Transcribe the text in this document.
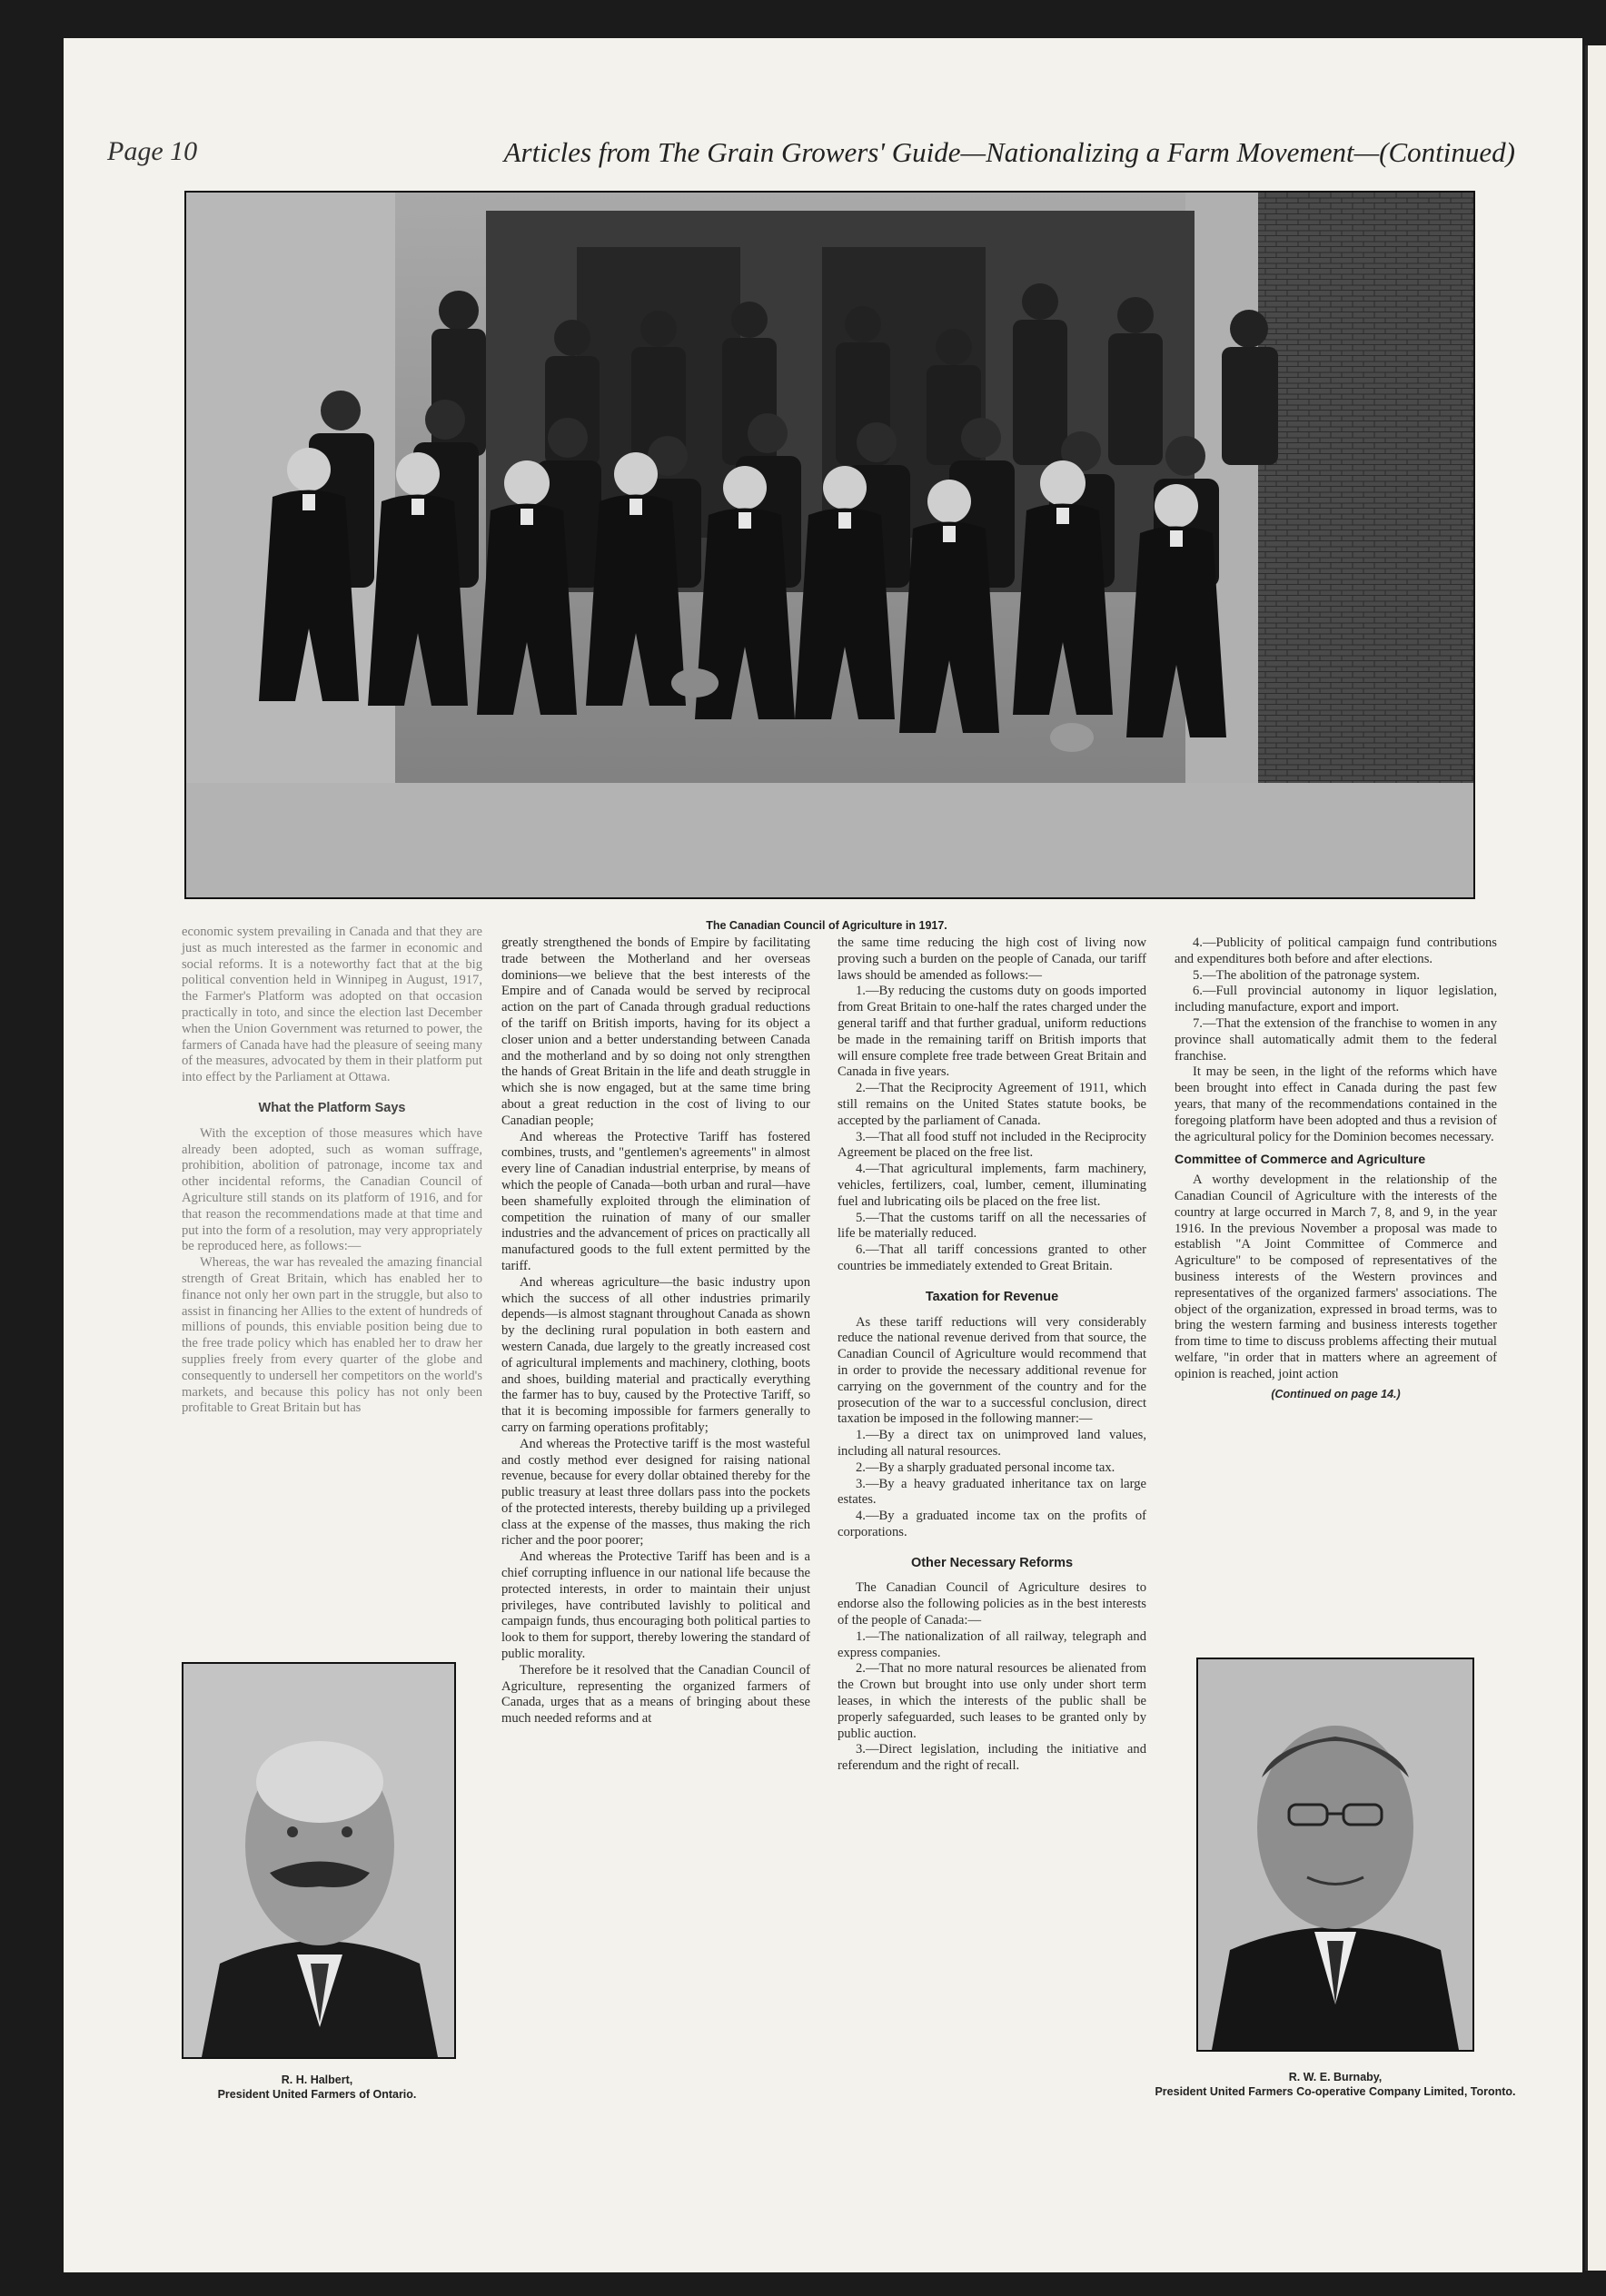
Page 10	Articles from The Grain Growers' Guide—Nationalizing a Farm Movement—(Continued)
The Canadian Council of Agriculture in 1917.

economic system prevailing in Canada and that they are just as much interested as the farmer in economic and social reforms. It is a noteworthy fact that at the big political convention held in Winnipeg in August, 1917, the Farmer's Platform was adopted on that occasion practically in toto, and since the election last December when the Union Government was returned to power, the farmers of Canada have had the pleasure of seeing many of the measures, advocated by them in their platform put into effect by the Parliament at Ottawa.

What the Platform Says

With the exception of those measures which have already been adopted, such as woman suffrage, prohibition, abolition of patronage, income tax and other incidental reforms, the Canadian Council of Agriculture still stands on its platform of 1916, and for that reason the recommendations made at that time and put into the form of a resolution, may very appropriately be reproduced here, as follows:—

Whereas, the war has revealed the amazing financial strength of Great Britain, which has enabled her to finance not only her own part in the struggle, but also to assist in financing her Allies to the extent of hundreds of millions of pounds, this enviable position being due to the free trade policy which has enabled her to draw her supplies freely from every quarter of the globe and consequently to undersell her competitors on the world's markets, and because this policy has not only been profitable to Great Britain but has

R. H. Halbert,
President United Farmers of Ontario.

greatly strengthened the bonds of Empire by facilitating trade between the Motherland and her overseas dominions—we believe that the best interests of the Empire and of Canada would be served by reciprocal action on the part of Canada through gradual reductions of the tariff on British imports, having for its object a closer union and a better understanding between Canada and the motherland and by so doing not only strengthen the hands of Great Britain in the life and death struggle in which she is now engaged, but at the same time bring about a great reduction in the cost of living to our Canadian people;

And whereas the Protective Tariff has fostered combines, trusts, and "gentlemen's agreements" in almost every line of Canadian industrial enterprise, by means of which the people of Canada—both urban and rural—have been shamefully exploited through the elimination of competition the ruination of many of our smaller industries and the advancement of prices on practically all manufactured goods to the full extent permitted by the tariff.

And whereas agriculture—the basic industry upon which the success of all other industries primarily depends—is almost stagnant throughout Canada as shown by the declining rural population in both eastern and western Canada, due largely to the greatly increased cost of agricultural implements and machinery, clothing, boots and shoes, building material and practically everything the farmer has to buy, caused by the Protective Tariff, so that it is becoming impossible for farmers generally to carry on farming operations profitably;

And whereas the Protective tariff is the most wasteful and costly method ever designed for raising national revenue, because for every dollar obtained thereby for the public treasury at least three dollars pass into the pockets of the protected interests, thereby building up a privileged class at the expense of the masses, thus making the rich richer and the poor poorer;

And whereas the Protective Tariff has been and is a chief corrupting influence in our national life because the protected interests, in order to maintain their unjust privileges, have contributed lavishly to political and campaign funds, thus encouraging both political parties to look to them for support, thereby lowering the standard of public morality.

Therefore be it resolved that the Canadian Council of Agriculture, representing the organized farmers of Canada, urges that as a means of bringing about these much needed reforms and at

the same time reducing the high cost of living now proving such a burden on the people of Canada, our tariff laws should be amended as follows:—

1.—By reducing the customs duty on goods imported from Great Britain to one-half the rates charged under the general tariff and that further gradual, uniform reductions be made in the remaining tariff on British imports that will ensure complete free trade between Great Britain and Canada in five years.

2.—That the Reciprocity Agreement of 1911, which still remains on the United States statute books, be accepted by the parliament of Canada.

3.—That all food stuff not included in the Reciprocity Agreement be placed on the free list.

4.—That agricultural implements, farm machinery, vehicles, fertilizers, coal, lumber, cement, illuminating fuel and lubricating oils be placed on the free list.

5.—That the customs tariff on all the necessaries of life be materially reduced.

6.—That all tariff concessions granted to other countries be immediately extended to Great Britain.

Taxation for Revenue

As these tariff reductions will very considerably reduce the national revenue derived from that source, the Canadian Council of Agriculture would recommend that in order to provide the necessary additional revenue for carrying on the government of the country and for the prosecution of the war to a successful conclusion, direct taxation be imposed in the following manner:—

1.—By a direct tax on unimproved land values, including all natural resources.

2.—By a sharply graduated personal income tax.

3.—By a heavy graduated inheritance tax on large estates.

4.—By a graduated income tax on the profits of corporations.

Other Necessary Reforms

The Canadian Council of Agriculture desires to endorse also the following policies as in the best interests of the people of Canada:—

1.—The nationalization of all railway, telegraph and express companies.

2.—That no more natural resources be alienated from the Crown but brought into use only under short term leases, in which the interests of the public shall be properly safeguarded, such leases to be granted only by public auction.

3.—Direct legislation, including the initiative and referendum and the right of recall.

4.—Publicity of political campaign fund contributions and expenditures both before and after elections.

5.—The abolition of the patronage system.

6.—Full provincial autonomy in liquor legislation, including manufacture, export and import.

7.—That the extension of the franchise to women in any province shall automatically admit them to the federal franchise.

It may be seen, in the light of the reforms which have been brought into effect in Canada during the past few years, that many of the recommendations contained in the foregoing platform have been adopted and thus a revision of the agricultural policy for the Dominion becomes necessary.

Committee of Commerce and Agriculture

A worthy development in the relationship of the Canadian Council of Agriculture with the interests of the country at large occurred in March 7, 8, and 9, in the year 1916. In the previous November a proposal was made to establish "A Joint Committee of Commerce and Agriculture" to be composed of representatives of the business interests of the Western provinces and representatives of the organized farmers' associations. The object of the organization, expressed in broad terms, was to bring the western farming and business interests together from time to time to discuss problems affecting their mutual welfare, "in order that in matters where an agreement of opinion is reached, joint action

(Continued on page 14.)
R. W. E. Burnaby,
President United Farmers Co-operative Company Limited, Toronto.
